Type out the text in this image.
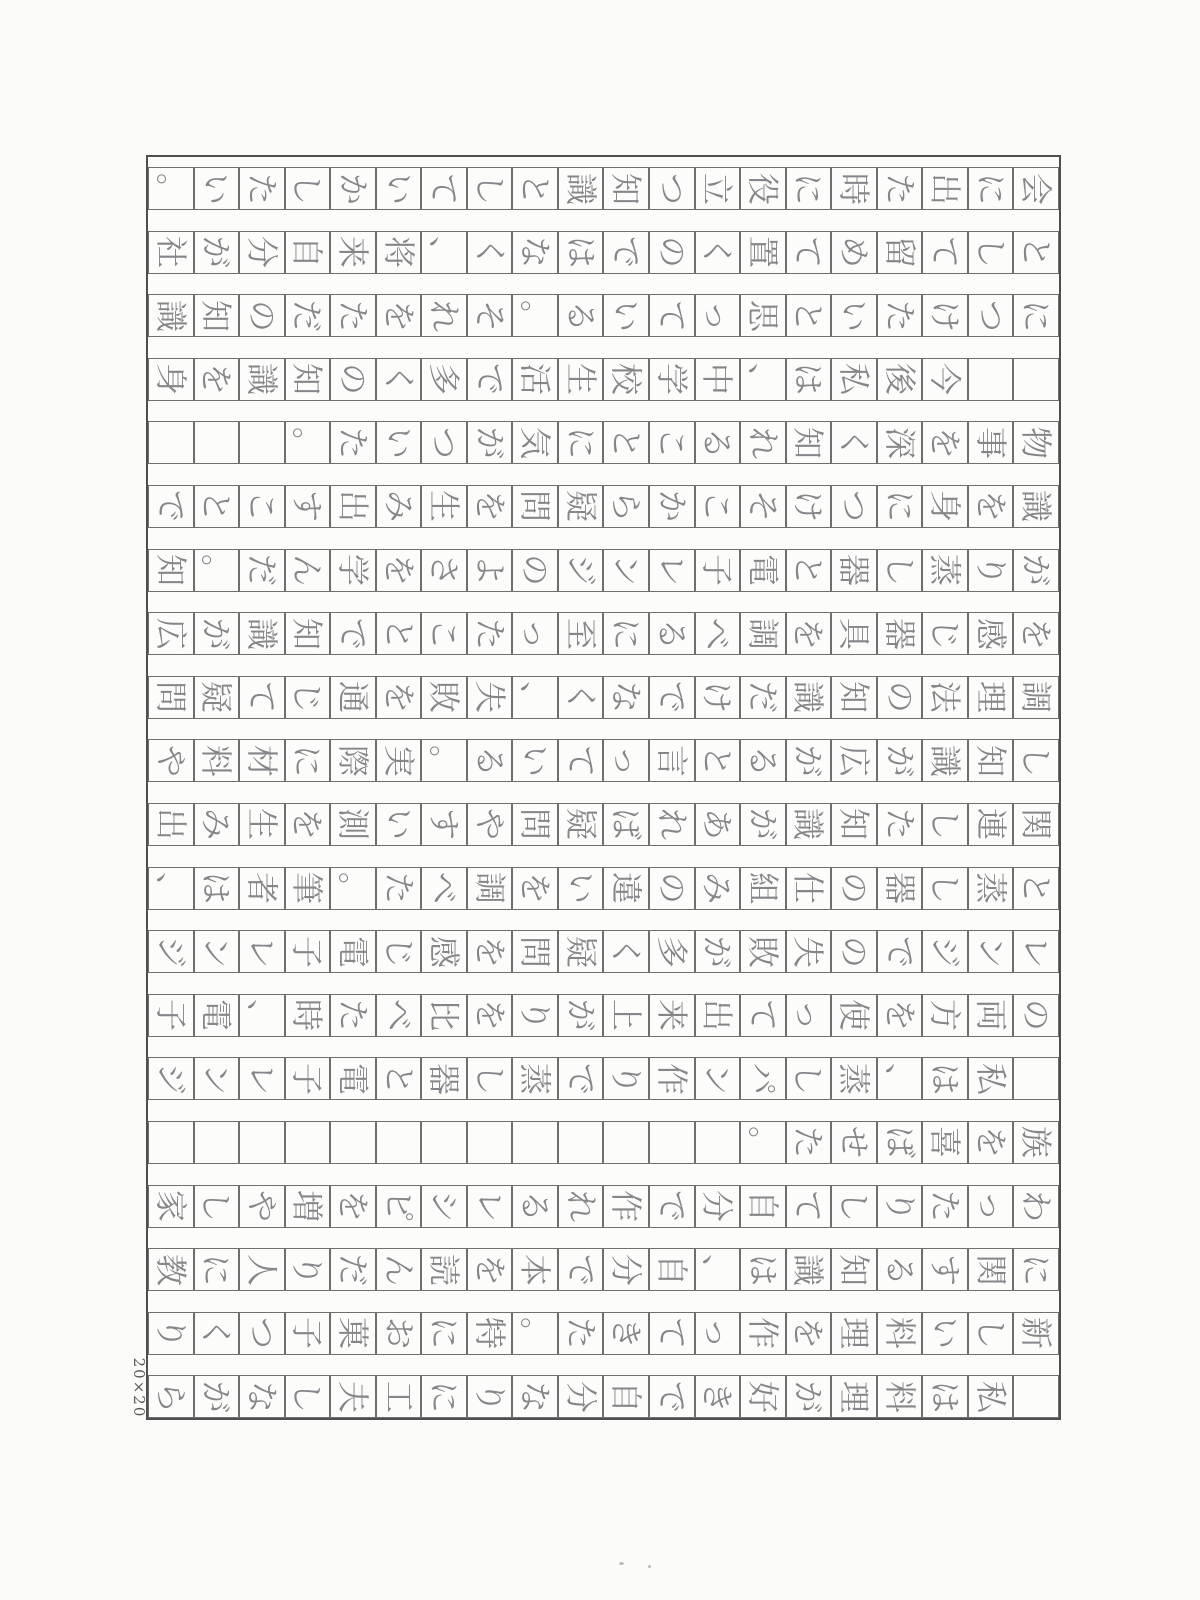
。 い た し か い て し と 識 知 つ 立 役 に 時 た 出 に 会
社 が 分 自 来 将 、 く な は で の く 置 て め 留 て し と
識 知 の だ た を れ そ 。 る い て っ 思 と い た け つ に
身 を 識 知 の く 多 で 活 生 校 学 中 、 は 私 後 今
。 た い つ が 気 に と こ る れ 知 く 深 を 事 物
で と こ す 出 み 生 を 問 疑 ら か こ そ け つ に 身 を 識
知 。 だ ん 学 を さ よ の ジ ン レ 子 電 と 器 し 蒸 り が
広 が 識 知 で と こ た っ 至 に る べ 調 を 具 器 じ 感 を
問 疑 て じ 通 を 敗 失 、 く な で け だ 識 知 の 法 理 調
や 料 材 に 際 実 。 る い て っ 言 と る が 広 が 識 知 し
出 み 生 を 測 い す や 問 疑 ば れ あ が 識 知 た し 連 関
、 は 者 筆 。 た べ 調 を い 違 の み 組 仕 の 器 し 蒸 と
ジ ン レ 子 電 じ 感 を 問 疑 く 多 が 敗 失 の で ジ ン レ
子 電 、 時 た べ 比 を り が 上 来 出 て っ 使 を 方 両 の
ジ ン レ 子 電 と 器 し 蒸 で り 作 ン パ し 蒸 、 は 私
。 た せ ば 喜 を 族
家 し や 増 を ピ シ レ る れ 作 で 分 自 て し り た っ わ
教 に 人 り だ ん 読 を 本 で 分 自 、 は 識 知 る す 関 に
り く つ 子 菓 お に 特 。 た き て っ 作 を 理 料 い し 新
ら が な し 夫 工 に り な 分 自 で き 好 が 理 料 は 私
20×20
